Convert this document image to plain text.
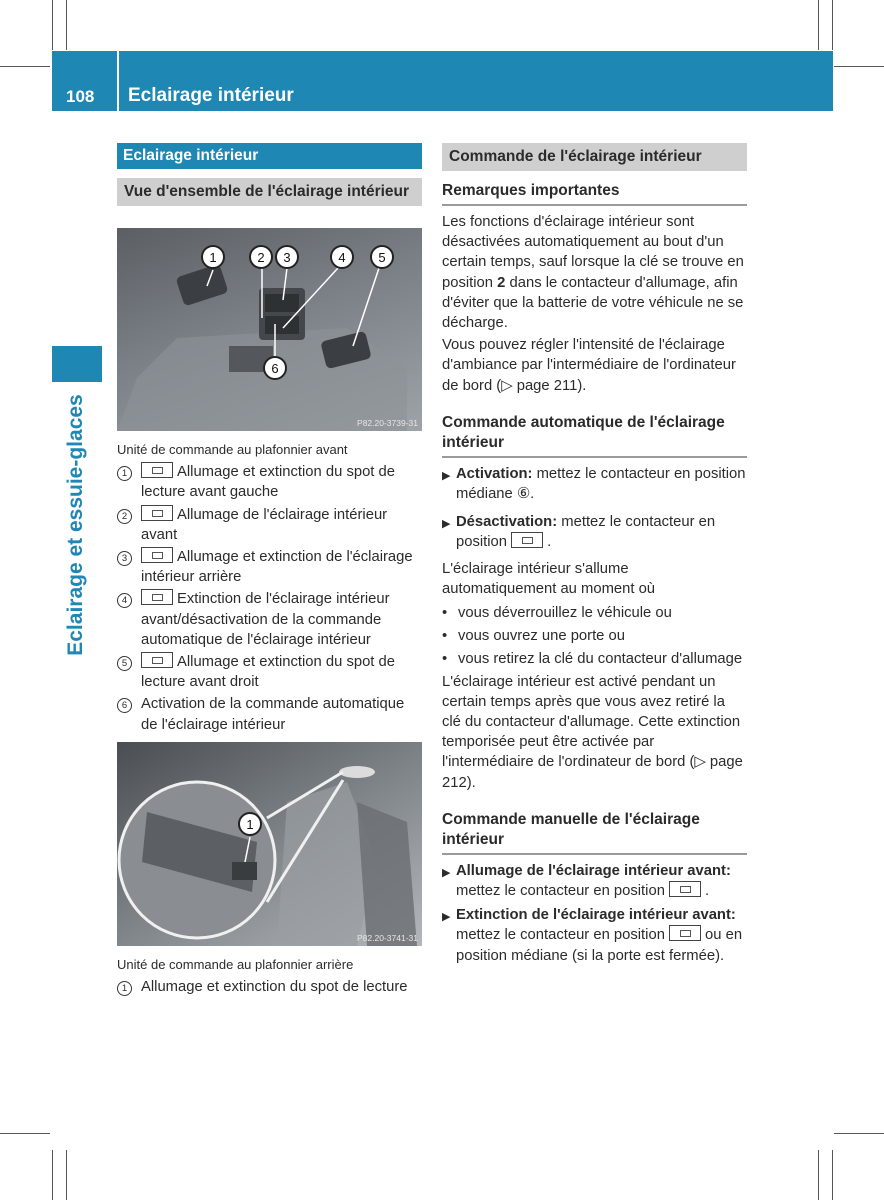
108 Eclairage intérieur
Eclairage et essuie-glaces
Eclairage intérieur
Vue d'ensemble de l'éclairage intérieur
1	2 3	4	5
6
P82.20-3739-31
Unité de commande au plafonnier avant
1	Allumage et extinction du spot de lecture avant gauche
2	Allumage de l'éclairage intérieur avant
3	Allumage et extinction de l'éclairage intérieur arrière
4	Extinction de l'éclairage intérieur avant/désactivation de la commande automatique de l'éclairage intérieur
5	Allumage et extinction du spot de lecture avant droit
6 Activation de la commande automatique de l'éclairage intérieur
1
P82.20-3741-31
Unité de commande au plafonnier arrière
1 Allumage et extinction du spot de lecture
Commande de l'éclairage intérieur
Remarques importantes

Les fonctions d'éclairage intérieur sont désactivées automatiquement au bout d'un certain temps, sauf lorsque la clé se trouve en position 2 dans le contacteur d'allumage, afin d'éviter que la batterie de votre véhicule ne se décharge.

Vous pouvez régler l'intensité de l'éclairage d'ambiance par l'intermédiaire de l'ordinateur de bord (▷ page 211).

Commande automatique de l'éclairage intérieur
▶ Activation: mettez le contacteur en position médiane ⑥.
▶ Désactivation: mettez le contacteur en position	.

L'éclairage intérieur s'allume automatiquement au moment où

• vous déverrouillez le véhicule ou
• vous ouvrez une porte ou
• vous retirez la clé du contacteur d'allumage

L'éclairage intérieur est activé pendant un certain temps après que vous avez retiré la clé du contacteur d'allumage. Cette extinction temporisée peut être activée par l'intermédiaire de l'ordinateur de bord (▷ page 212).

Commande manuelle de l'éclairage intérieur
▶ Allumage de l'éclairage intérieur avant: mettez le contacteur en position	.
▶ Extinction de l'éclairage intérieur avant: mettez le contacteur en position	ou en position médiane (si la porte est fermée).
